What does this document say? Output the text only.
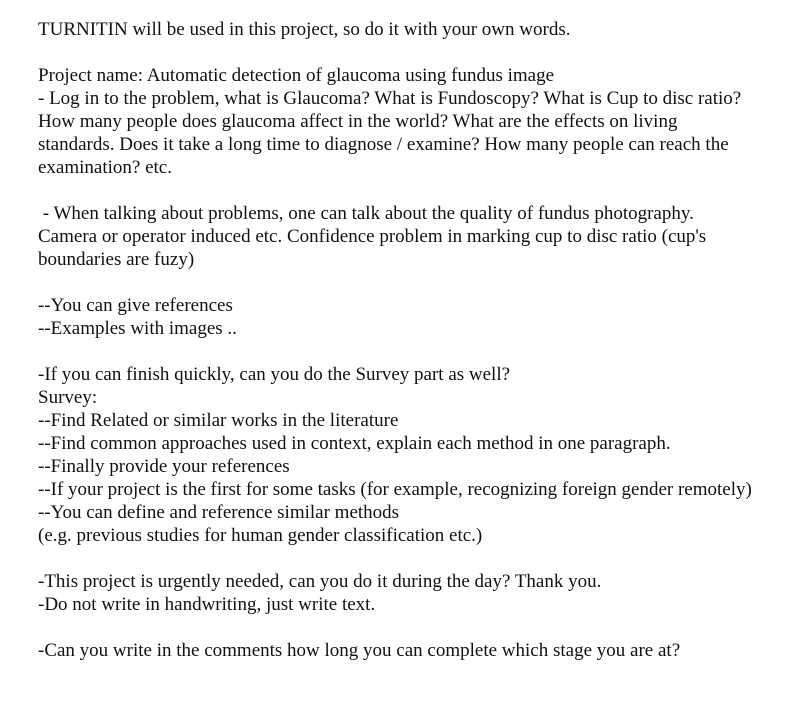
TURNITIN will be used in this project, so do it with your own words.
Project name: Automatic detection of glaucoma using fundus image
- Log in to the problem, what is Glaucoma? What is Fundoscopy? What is Cup to disc ratio?
How many people does glaucoma affect in the world? What are the effects on living
standards. Does it take a long time to diagnose / examine? How many people can reach the
examination? etc.
- When talking about problems, one can talk about the quality of fundus photography.
Camera or operator induced etc. Confidence problem in marking cup to disc ratio (cup's
boundaries are fuzy)
--You can give references
--Examples with images ..
-If you can finish quickly, can you do the Survey part as well?
Survey:
--Find Related or similar works in the literature
--Find common approaches used in context, explain each method in one paragraph.
--Finally provide your references
--If your project is the first for some tasks (for example, recognizing foreign gender remotely)
--You can define and reference similar methods
(e.g. previous studies for human gender classification etc.)
-This project is urgently needed, can you do it during the day? Thank you.
-Do not write in handwriting, just write text.
-Can you write in the comments how long you can complete which stage you are at?
